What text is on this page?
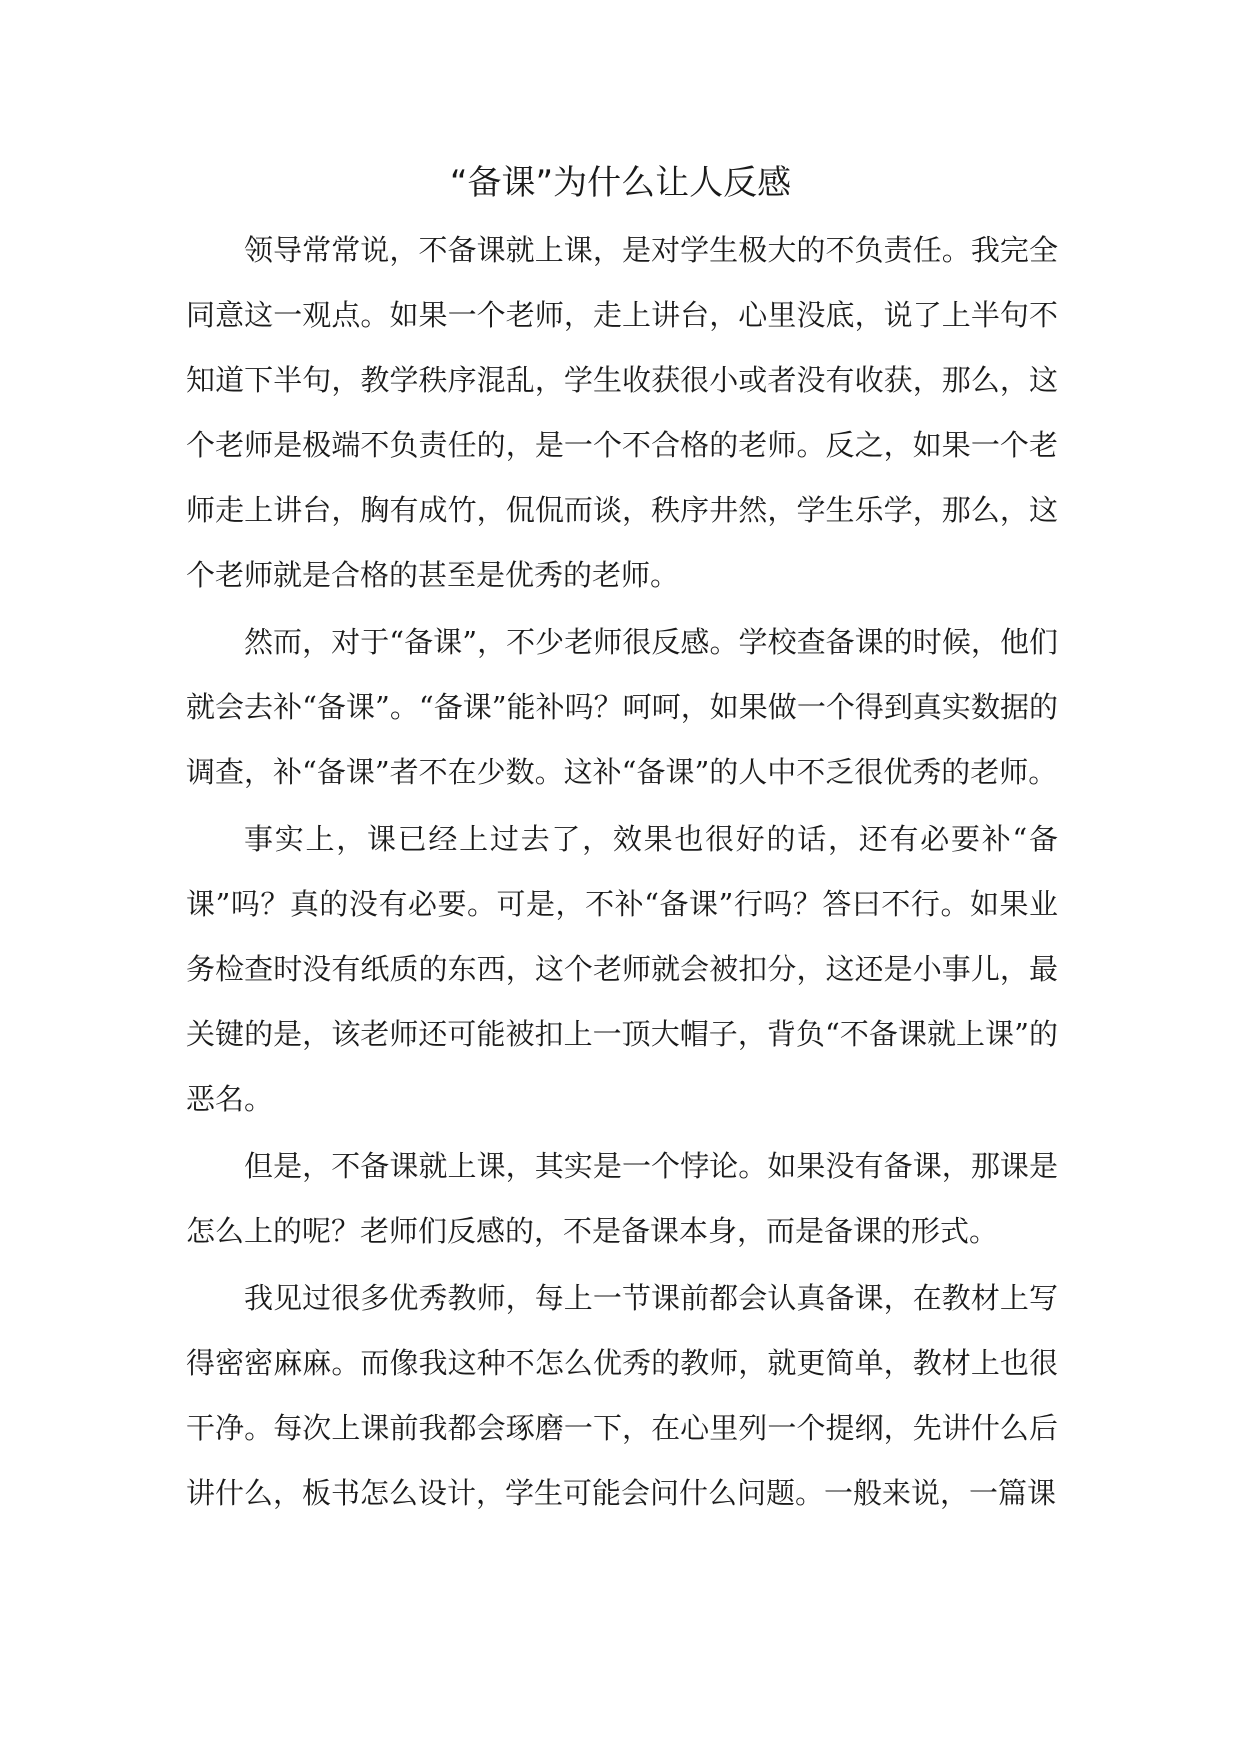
“备课”为什么让人反感

领导常常说，不备课就上课，是对学生极大的不负责任。我完全同意这一观点。如果一个老师，走上讲台，心里没底，说了上半句不知道下半句，教学秩序混乱，学生收获很小或者没有收获，那么，这个老师是极端不负责任的，是一个不合格的老师。反之，如果一个老师走上讲台，胸有成竹，侃侃而谈，秩序井然，学生乐学，那么，这个老师就是合格的甚至是优秀的老师。

然而，对于“备课”，不少老师很反感。学校查备课的时候，他们就会去补“备课”。“备课”能补吗？呵呵，如果做一个得到真实数据的调查，补“备课”者不在少数。这补“备课”的人中不乏很优秀的老师。

事实上，课已经上过去了，效果也很好的话，还有必要补“备课”吗？真的没有必要。可是，不补“备课”行吗？答曰不行。如果业务检查时没有纸质的东西，这个老师就会被扣分，这还是小事儿，最关键的是，该老师还可能被扣上一顶大帽子，背负“不备课就上课”的恶名。

但是，不备课就上课，其实是一个悖论。如果没有备课，那课是怎么上的呢？老师们反感的，不是备课本身，而是备课的形式。

我见过很多优秀教师，每上一节课前都会认真备课，在教材上写得密密麻麻。而像我这种不怎么优秀的教师，就更简单，教材上也很干净。每次上课前我都会琢磨一下，在心里列一个提纲，先讲什么后讲什么，板书怎么设计，学生可能会问什么问题。一般来说，一篇课
